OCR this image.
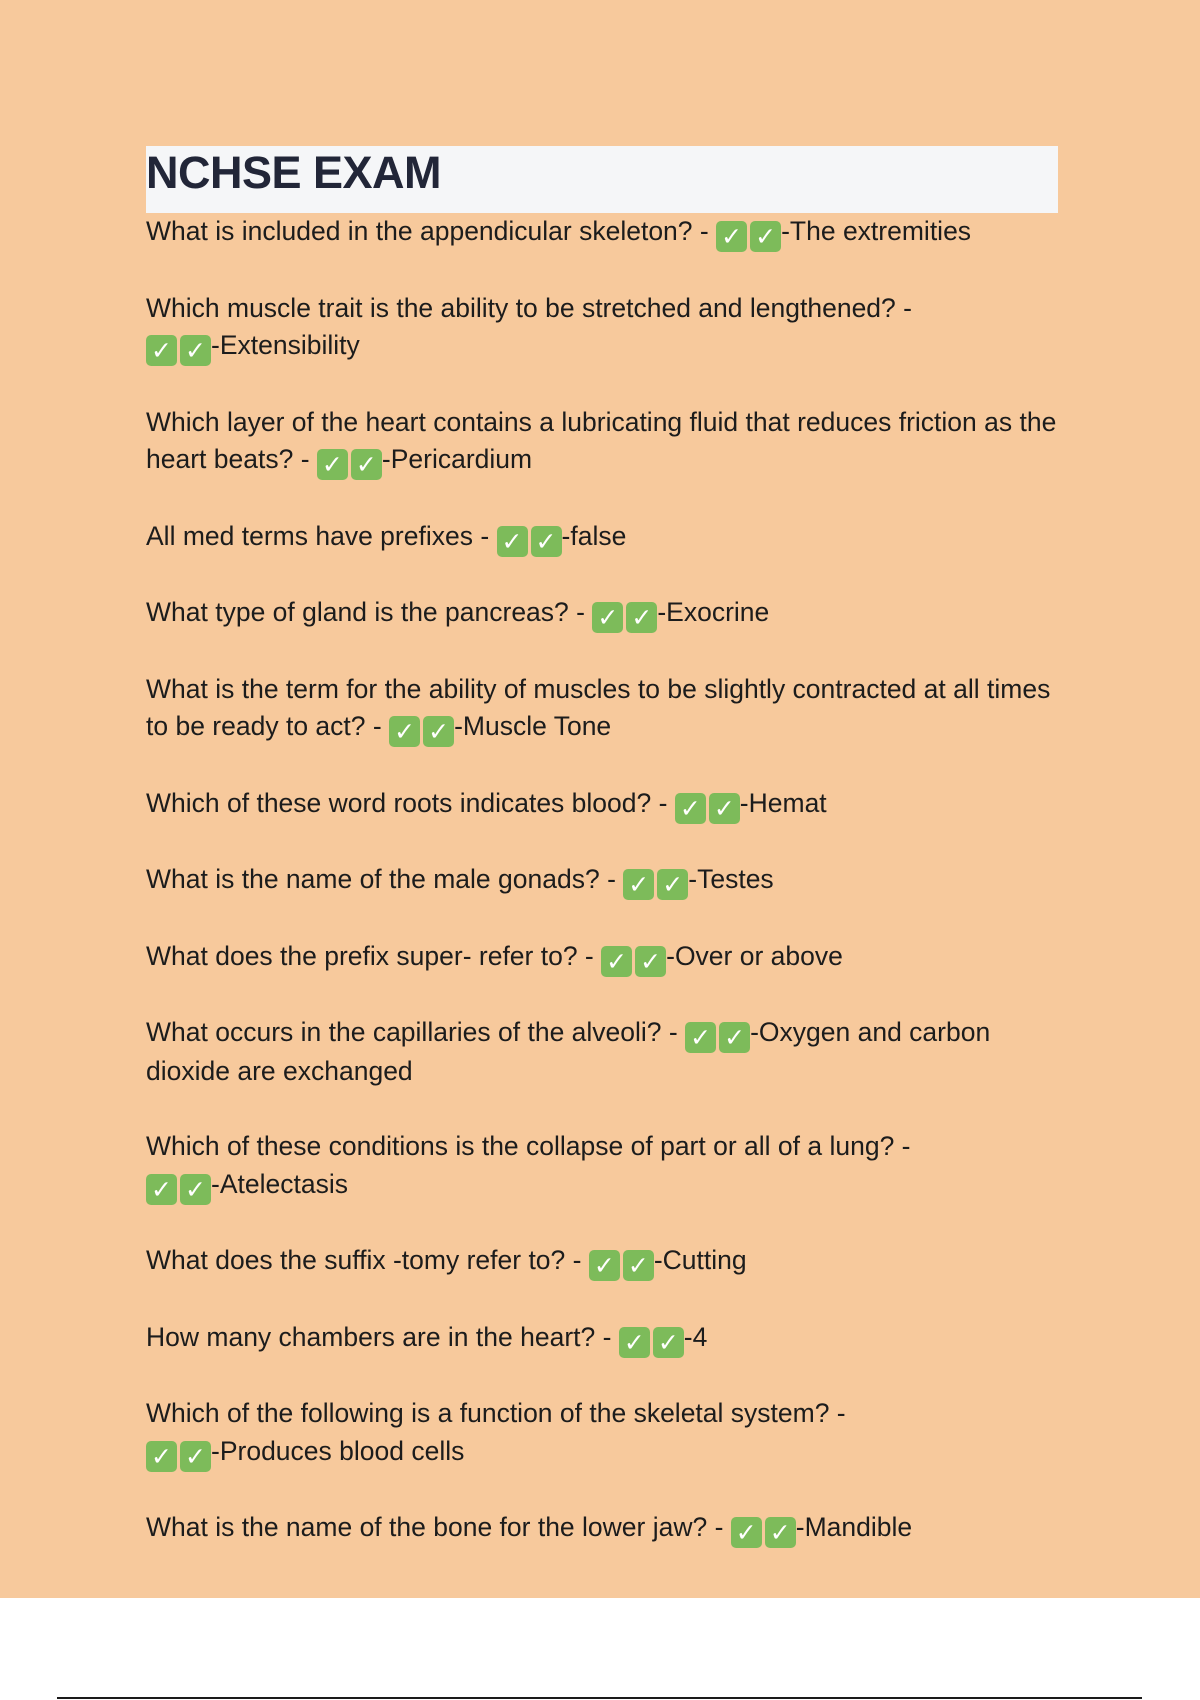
NCHSE EXAM
What is included in the appendicular skeleton? - ✓ ✓ -The extremities
Which muscle trait is the ability to be stretched and lengthened? -
✓ ✓ -Extensibility
Which layer of the heart contains a lubricating fluid that reduces friction as the heart beats? - ✓ ✓ -Pericardium
All med terms have prefixes - ✓ ✓ -false
What type of gland is the pancreas? - ✓ ✓ -Exocrine
What is the term for the ability of muscles to be slightly contracted at all times to be ready to act? - ✓ ✓ -Muscle Tone
Which of these word roots indicates blood? - ✓ ✓ -Hemat
What is the name of the male gonads? - ✓ ✓ -Testes
What does the prefix super- refer to? - ✓ ✓ -Over or above
What occurs in the capillaries of the alveoli? - ✓ ✓ -Oxygen and carbon dioxide are exchanged
Which of these conditions is the collapse of part or all of a lung? -
✓ ✓ -Atelectasis
What does the suffix -tomy refer to? - ✓ ✓ -Cutting
How many chambers are in the heart? - ✓ ✓ -4
Which of the following is a function of the skeletal system? -
✓ ✓ -Produces blood cells
What is the name of the bone for the lower jaw? - ✓ ✓ -Mandible
